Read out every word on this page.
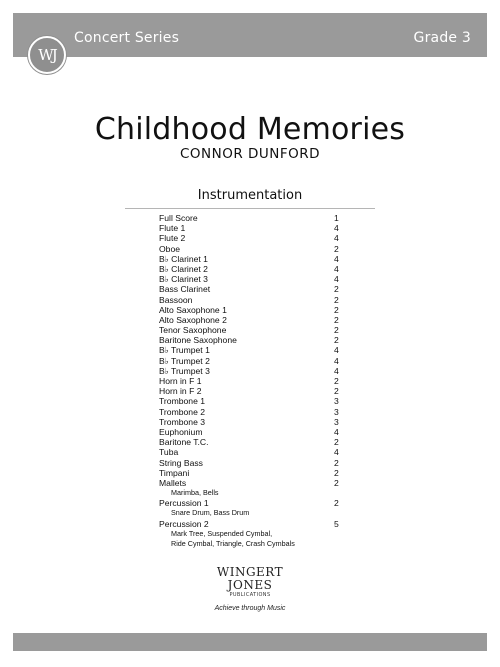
Concert Series	Grade 3
WJ
Childhood Memories
CONNOR DUNFORD
Instrumentation
Full Score	1
Flute 1	4
Flute 2	4
Oboe	2
B♭ Clarinet 1	4
B♭ Clarinet 2	4
B♭ Clarinet 3	4
Bass Clarinet	2
Bassoon	2
Alto Saxophone 1	2
Alto Saxophone 2	2
Tenor Saxophone	2
Baritone Saxophone	2
B♭ Trumpet 1	4
B♭ Trumpet 2	4
B♭ Trumpet 3	4
Horn in F 1	2
Horn in F 2	2
Trombone 1	3
Trombone 2	3
Trombone 3	3
Euphonium	4
Baritone T.C.	2
Tuba	4
String Bass	2
Timpani	2
Mallets	2
Marimba, Bells
Percussion 1	2
Snare Drum, Bass Drum
Percussion 2	5
Mark Tree, Suspended Cymbal,
Ride Cymbal, Triangle, Crash Cymbals
WINGERT
JONES
PUBLICATIONS
Achieve through Music
